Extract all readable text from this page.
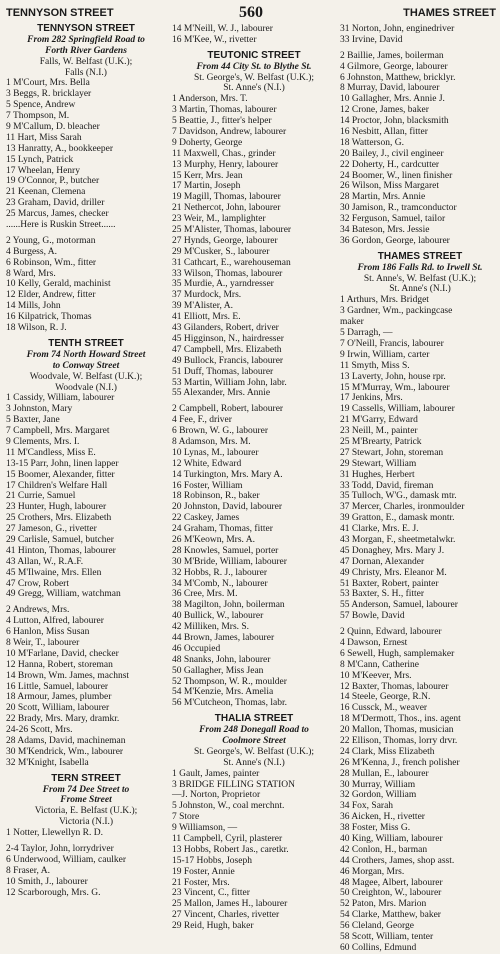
TENNYSON STREET	560	THAMES STREET
TENNYSON STREET
From 282 Springfield Road to
Forth River Gardens
Falls, W. Belfast (U.K.);
Falls (N.I.)
1 M'Court, Mrs. Bella
3 Beggs, R. bricklayer
5 Spence, Andrew
7 Thompson, M.
9 M'Callum, D. bleacher
11 Hart, Miss Sarah
13 Hanratty, A., bookkeeper
15 Lynch, Patrick
17 Wheelan, Henry
19 O'Connor, P., butcher
21 Keenan, Clemena
23 Graham, David, driller
25 Marcus, James, checker
......Here is Ruskin Street......
2 Young, G., motorman
4 Burgess, A.
6 Robinson, Wm., fitter
8 Ward, Mrs.
10 Kelly, Gerald, machinist
12 Elder, Andrew, fitter
14 Mills, John
16 Kilpatrick, Thomas
18 Wilson, R. J.
TENTH STREET
From 74 North Howard Street
to Conway Street
Woodvale, W. Belfast (U.K.);
Woodvale (N.I.)
1 Cassidy, William, labourer
3 Johnston, Mary
5 Baxter, Jane
7 Campbell, Mrs. Margaret
9 Clements, Mrs. I.
11 M'Candless, Miss E.
13-15 Parr, John, linen lapper
15 Boomer, Alexander, fitter
17 Children's Welfare Hall
21 Currie, Samuel
23 Hunter, Hugh, labourer
25 Crothers, Mrs. Elizabeth
27 Jameson, G., rivetter
29 Carlisle, Samuel, butcher
41 Hinton, Thomas, labourer
43 Allan, W., R.A.F.
45 M'Ilwaine, Mrs. Ellen
47 Crow, Robert
49 Gregg, William, watchman
2 Andrews, Mrs.
4 Lutton, Alfred, labourer
6 Hanlon, Miss Susan
8 Weir, T., labourer
10 M'Farlane, David, checker
12 Hanna, Robert, storeman
14 Brown, Wm. James, machnst
16 Little, Samuel, labourer
18 Armour, James, plumber
20 Scott, William, labourer
22 Brady, Mrs. Mary, dramkr.
24-26 Scott, Mrs.
28 Adams, David, machineman
30 M'Kendrick, Wm., labourer
32 M'Knight, Isabella
TERN STREET
From 74 Dee Street to
Frome Street
Victoria, E. Belfast (U.K.);
Victoria (N.I.)
1 Notter, Llewellyn R. D.
2-4 Taylor, John, lorrydriver
6 Underwood, William, caulker
8 Fraser, A.
10 Smith, J., labourer
12 Scarborough, Mrs. G.
14 M'Neill, W. J., labourer
16 M'Kee, W., rivetter
TEUTONIC STREET
From 44 City St. to Blythe St.
St. George's, W. Belfast (U.K.);
St. Anne's (N.I.)
1 Anderson, Mrs. T.
3 Martin, Thomas, labourer
5 Beattie, J., fitter's helper
7 Davidson, Andrew, labourer
9 Doherty, George
11 Maxwell, Chas., grinder
13 Murphy, Henry, labourer
15 Kerr, Mrs. Jean
17 Martin, Joseph
19 Magill, Thomas, labourer
21 Nethercot, John, labourer
23 Weir, M., lamplighter
25 M'Alister, Thomas, labourer
27 Hynds, George, labourer
29 M'Cusker, S., labourer
31 Cathcart, E., warehouseman
33 Wilson, Thomas, labourer
35 Murdie, A., yarndresser
37 Murdock, Mrs.
39 M'Alister, A.
41 Elliott, Mrs. E.
43 Gilanders, Robert, driver
45 Higginson, N., hairdresser
47 Campbell, Mrs. Elizabeth
49 Bullock, Francis, labourer
51 Duff, Thomas, labourer
53 Martin, William John, labr.
55 Alexander, Mrs. Annie
2 Campbell, Robert, labourer
4 Fee, F., driver
6 Brown, W. G., labourer
8 Adamson, Mrs. M.
10 Lynas, M., labourer
12 White, Edward
14 Turkington, Mrs. Mary A.
16 Foster, William
18 Robinson, R., baker
20 Johnston, David, labourer
22 Caskey, James
24 Graham, Thomas, fitter
26 M'Keown, Mrs. A.
28 Knowles, Samuel, porter
30 M'Bride, William, labourer
32 Hobbs, R. J., labourer
34 M'Comb, N., labourer
36 Cree, Mrs. M.
38 Magilton, John, boilerman
40 Bullick, W., labourer
42 Milliken, Mrs. S.
44 Brown, James, labourer
46 Occupied
48 Snanks, John, labourer
50 Gallagher, Miss Jean
52 Thompson, W. R., moulder
54 M'Kenzie, Mrs. Amelia
56 M'Cutcheon, Thomas, labr.
THALIA STREET
From 248 Donegall Road to
Coolmore Street
St. George's, W. Belfast (U.K.);
St. Anne's (N.I.)
1 Gault, James, painter
3 BRIDGE FILLING STATION
—J. Norton, Proprietor
5 Johnston, W., coal merchnt.
7 Store
9 Williamson, —
11 Campbell, Cyril, plasterer
13 Hobbs, Robert Jas., caretkr.
15-17 Hobbs, Joseph
19 Foster, Annie
21 Foster, Mrs.
23 Vincent, C., fitter
25 Mallon, James H., labourer
27 Vincent, Charles, rivetter
29 Reid, Hugh, baker
31 Norton, John, enginedriver
33 Irvine, David
2 Baillie, James, boilerman
4 Gilmore, George, labourer
6 Johnston, Matthew, bricklyr.
8 Murray, David, labourer
10 Gallagher, Mrs. Annie J.
12 Crone, James, baker
14 Proctor, John, blacksmith
16 Nesbitt, Allan, fitter
18 Watterson, G.
20 Bailey, J., civil engineer
22 Doherty, H., cardcutter
24 Boomer, W., linen finisher
26 Wilson, Miss Margaret
28 Martin, Mrs. Annie
30 Jamison, R., tramconductor
32 Ferguson, Samuel, tailor
34 Bateson, Mrs. Jessie
36 Gordon, George, labourer
THAMES STREET
From 186 Falls Rd. to Irwell St.
St. Anne's, W. Belfast (U.K.);
St. Anne's (N.I.)
1 Arthurs, Mrs. Bridget
3 Gardner, Wm., packingcase
maker
5 Darragh, —
7 O'Neill, Francis, labourer
9 Irwin, William, carter
11 Smyth, Miss S.
13 Laverty, John, house rpr.
15 M'Murray, Wm., labourer
17 Jenkins, Mrs.
19 Cassells, William, labourer
21 M'Garry, Edward
23 Neill, M., painter
25 M'Brearty, Patrick
27 Stewart, John, storeman
29 Stewart, William
31 Hughes, Herbert
33 Todd, David, fireman
35 Tulloch, W'G., damask mtr.
37 Mercer, Charles, ironmoulder
39 Gratton, E., damask montr.
41 Clarke, Mrs. E. J.
43 Morgan, F., sheetmetalwkr.
45 Donaghey, Mrs. Mary J.
47 Dornan, Alexander
49 Christy, Mrs. Eleanor M.
51 Baxter, Robert, painter
53 Baxter, S. H., fitter
55 Anderson, Samuel, labourer
57 Bowle, David
2 Quinn, Edward, labourer
4 Dawson, Ernest
6 Sewell, Hugh, samplemaker
8 M'Cann, Catherine
10 M'Keever, Mrs.
12 Baxter, Thomas, labourer
14 Steele, George, R.N.
16 Cussck, M., weaver
18 M'Dermott, Thos., ins. agent
20 Mallon, Thomas, musician
22 Ellison, Thomas, lorry drvr.
24 Clark, Miss Elizabeth
26 M'Kenna, J., french polisher
28 Mullan, E., labourer
30 Murray, William
32 Gordon, William
34 Fox, Sarah
36 Aicken, H., rivetter
38 Foster, Miss G.
40 King, William, labourer
42 Conlon, H., barman
44 Crothers, James, shop asst.
46 Morgan, Mrs.
48 Magee, Albert, labourer
50 Creighton, W., labourer
52 Paton, Mrs. Marion
54 Clarke, Matthew, baker
56 Cleland, George
58 Scott, William, tenter
60 Collins, Edmund
